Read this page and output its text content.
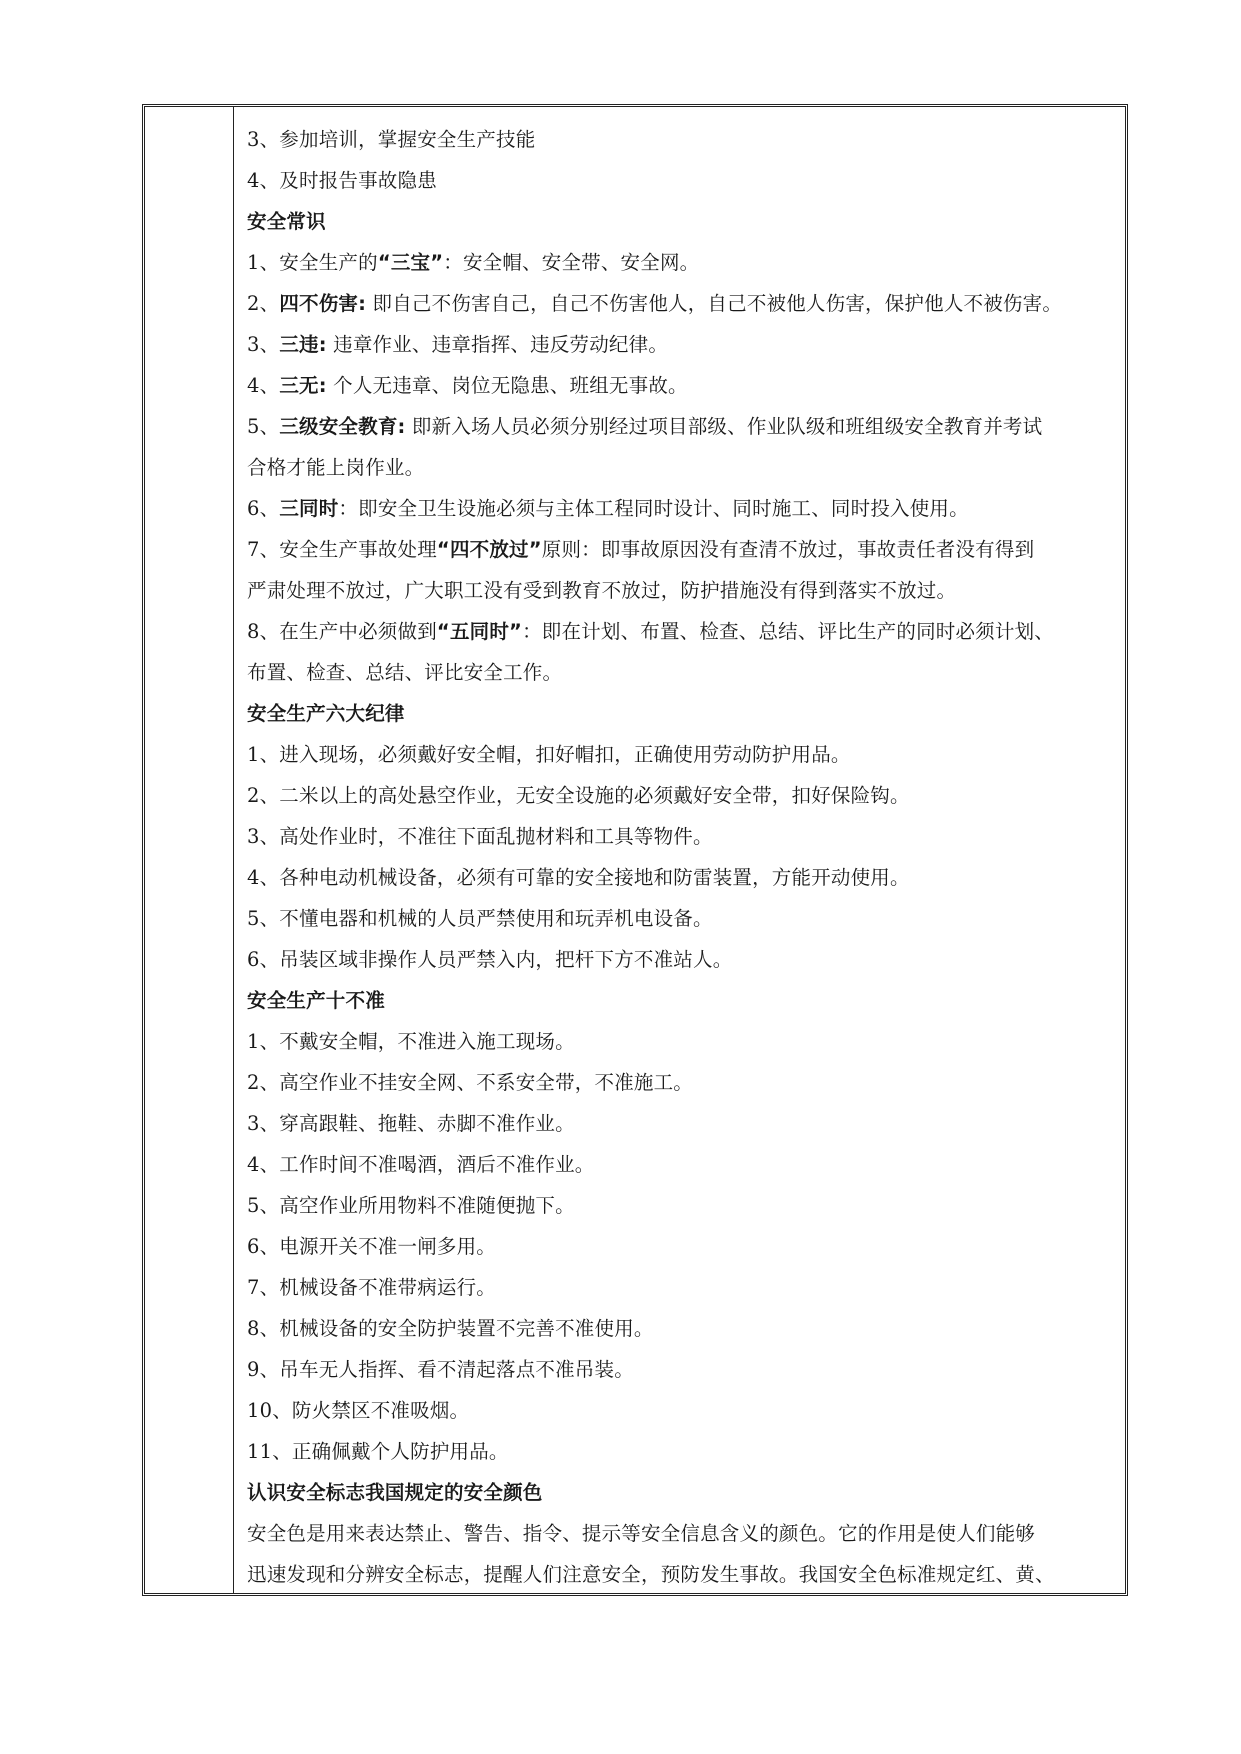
3、参加培训，掌握安全生产技能
4、及时报告事故隐患
安全常识
1、安全生产的“三宝”：安全帽、安全带、安全网。
2、四不伤害: 即自己不伤害自己，自己不伤害他人，自己不被他人伤害，保护他人不被伤害。
3、三违: 违章作业、违章指挥、违反劳动纪律。
4、三无: 个人无违章、岗位无隐患、班组无事故。
5、三级安全教育: 即新入场人员必须分别经过项目部级、作业队级和班组级安全教育并考试
合格才能上岗作业。
6、三同时：即安全卫生设施必须与主体工程同时设计、同时施工、同时投入使用。
7、安全生产事故处理“四不放过”原则：即事故原因没有查清不放过，事故责任者没有得到
严肃处理不放过，广大职工没有受到教育不放过，防护措施没有得到落实不放过。
8、在生产中必须做到“五同时”：即在计划、布置、检查、总结、评比生产的同时必须计划、
布置、检查、总结、评比安全工作。
安全生产六大纪律
1、进入现场，必须戴好安全帽，扣好帽扣，正确使用劳动防护用品。
2、二米以上的高处悬空作业，无安全设施的必须戴好安全带，扣好保险钩。
3、高处作业时，不准往下面乱抛材料和工具等物件。
4、各种电动机械设备，必须有可靠的安全接地和防雷装置，方能开动使用。
5、不懂电器和机械的人员严禁使用和玩弄机电设备。
6、吊装区域非操作人员严禁入内，把杆下方不准站人。
安全生产十不准
1、不戴安全帽，不准进入施工现场。
2、高空作业不挂安全网、不系安全带，不准施工。
3、穿高跟鞋、拖鞋、赤脚不准作业。
4、工作时间不准喝酒，酒后不准作业。
5、高空作业所用物料不准随便抛下。
6、电源开关不准一闸多用。
7、机械设备不准带病运行。
8、机械设备的安全防护装置不完善不准使用。
9、吊车无人指挥、看不清起落点不准吊装。
10、防火禁区不准吸烟。
11、正确佩戴个人防护用品。
认识安全标志我国规定的安全颜色
安全色是用来表达禁止、警告、指令、提示等安全信息含义的颜色。它的作用是使人们能够
迅速发现和分辨安全标志，提醒人们注意安全，预防发生事故。我国安全色标准规定红、黄、
